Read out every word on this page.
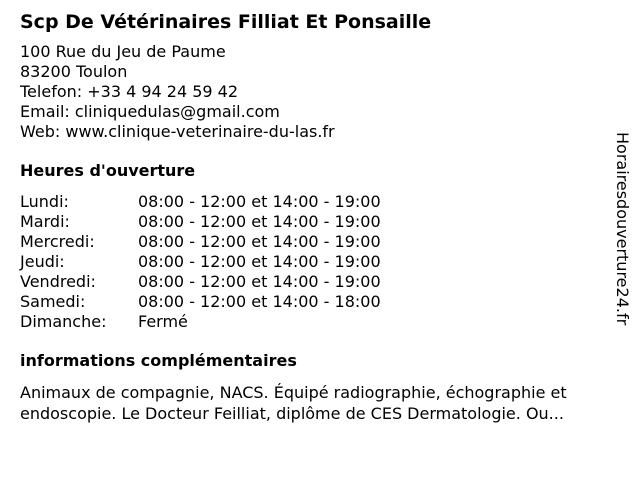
Scp De Vétérinaires Filliat Et Ponsaille
100 Rue du Jeu de Paume
83200 Toulon
Telefon: +33 4 94 24 59 42
Email: cliniquedulas@gmail.com
Web: www.clinique-veterinaire-du-las.fr
Heures d'ouverture
Lundi:	08:00 - 12:00 et 14:00 - 19:00
Mardi:	08:00 - 12:00 et 14:00 - 19:00
Mercredi:	08:00 - 12:00 et 14:00 - 19:00
Jeudi:	08:00 - 12:00 et 14:00 - 19:00
Vendredi:	08:00 - 12:00 et 14:00 - 19:00
Samedi:	08:00 - 12:00 et 14:00 - 18:00
Dimanche:	Fermé
informations complémentaires
Animaux de compagnie, NACS. Équipé radiographie, échographie et endoscopie. Le Docteur Feilliat, diplôme de CES Dermatologie. Ou...
Horairesdouverture24.fr
